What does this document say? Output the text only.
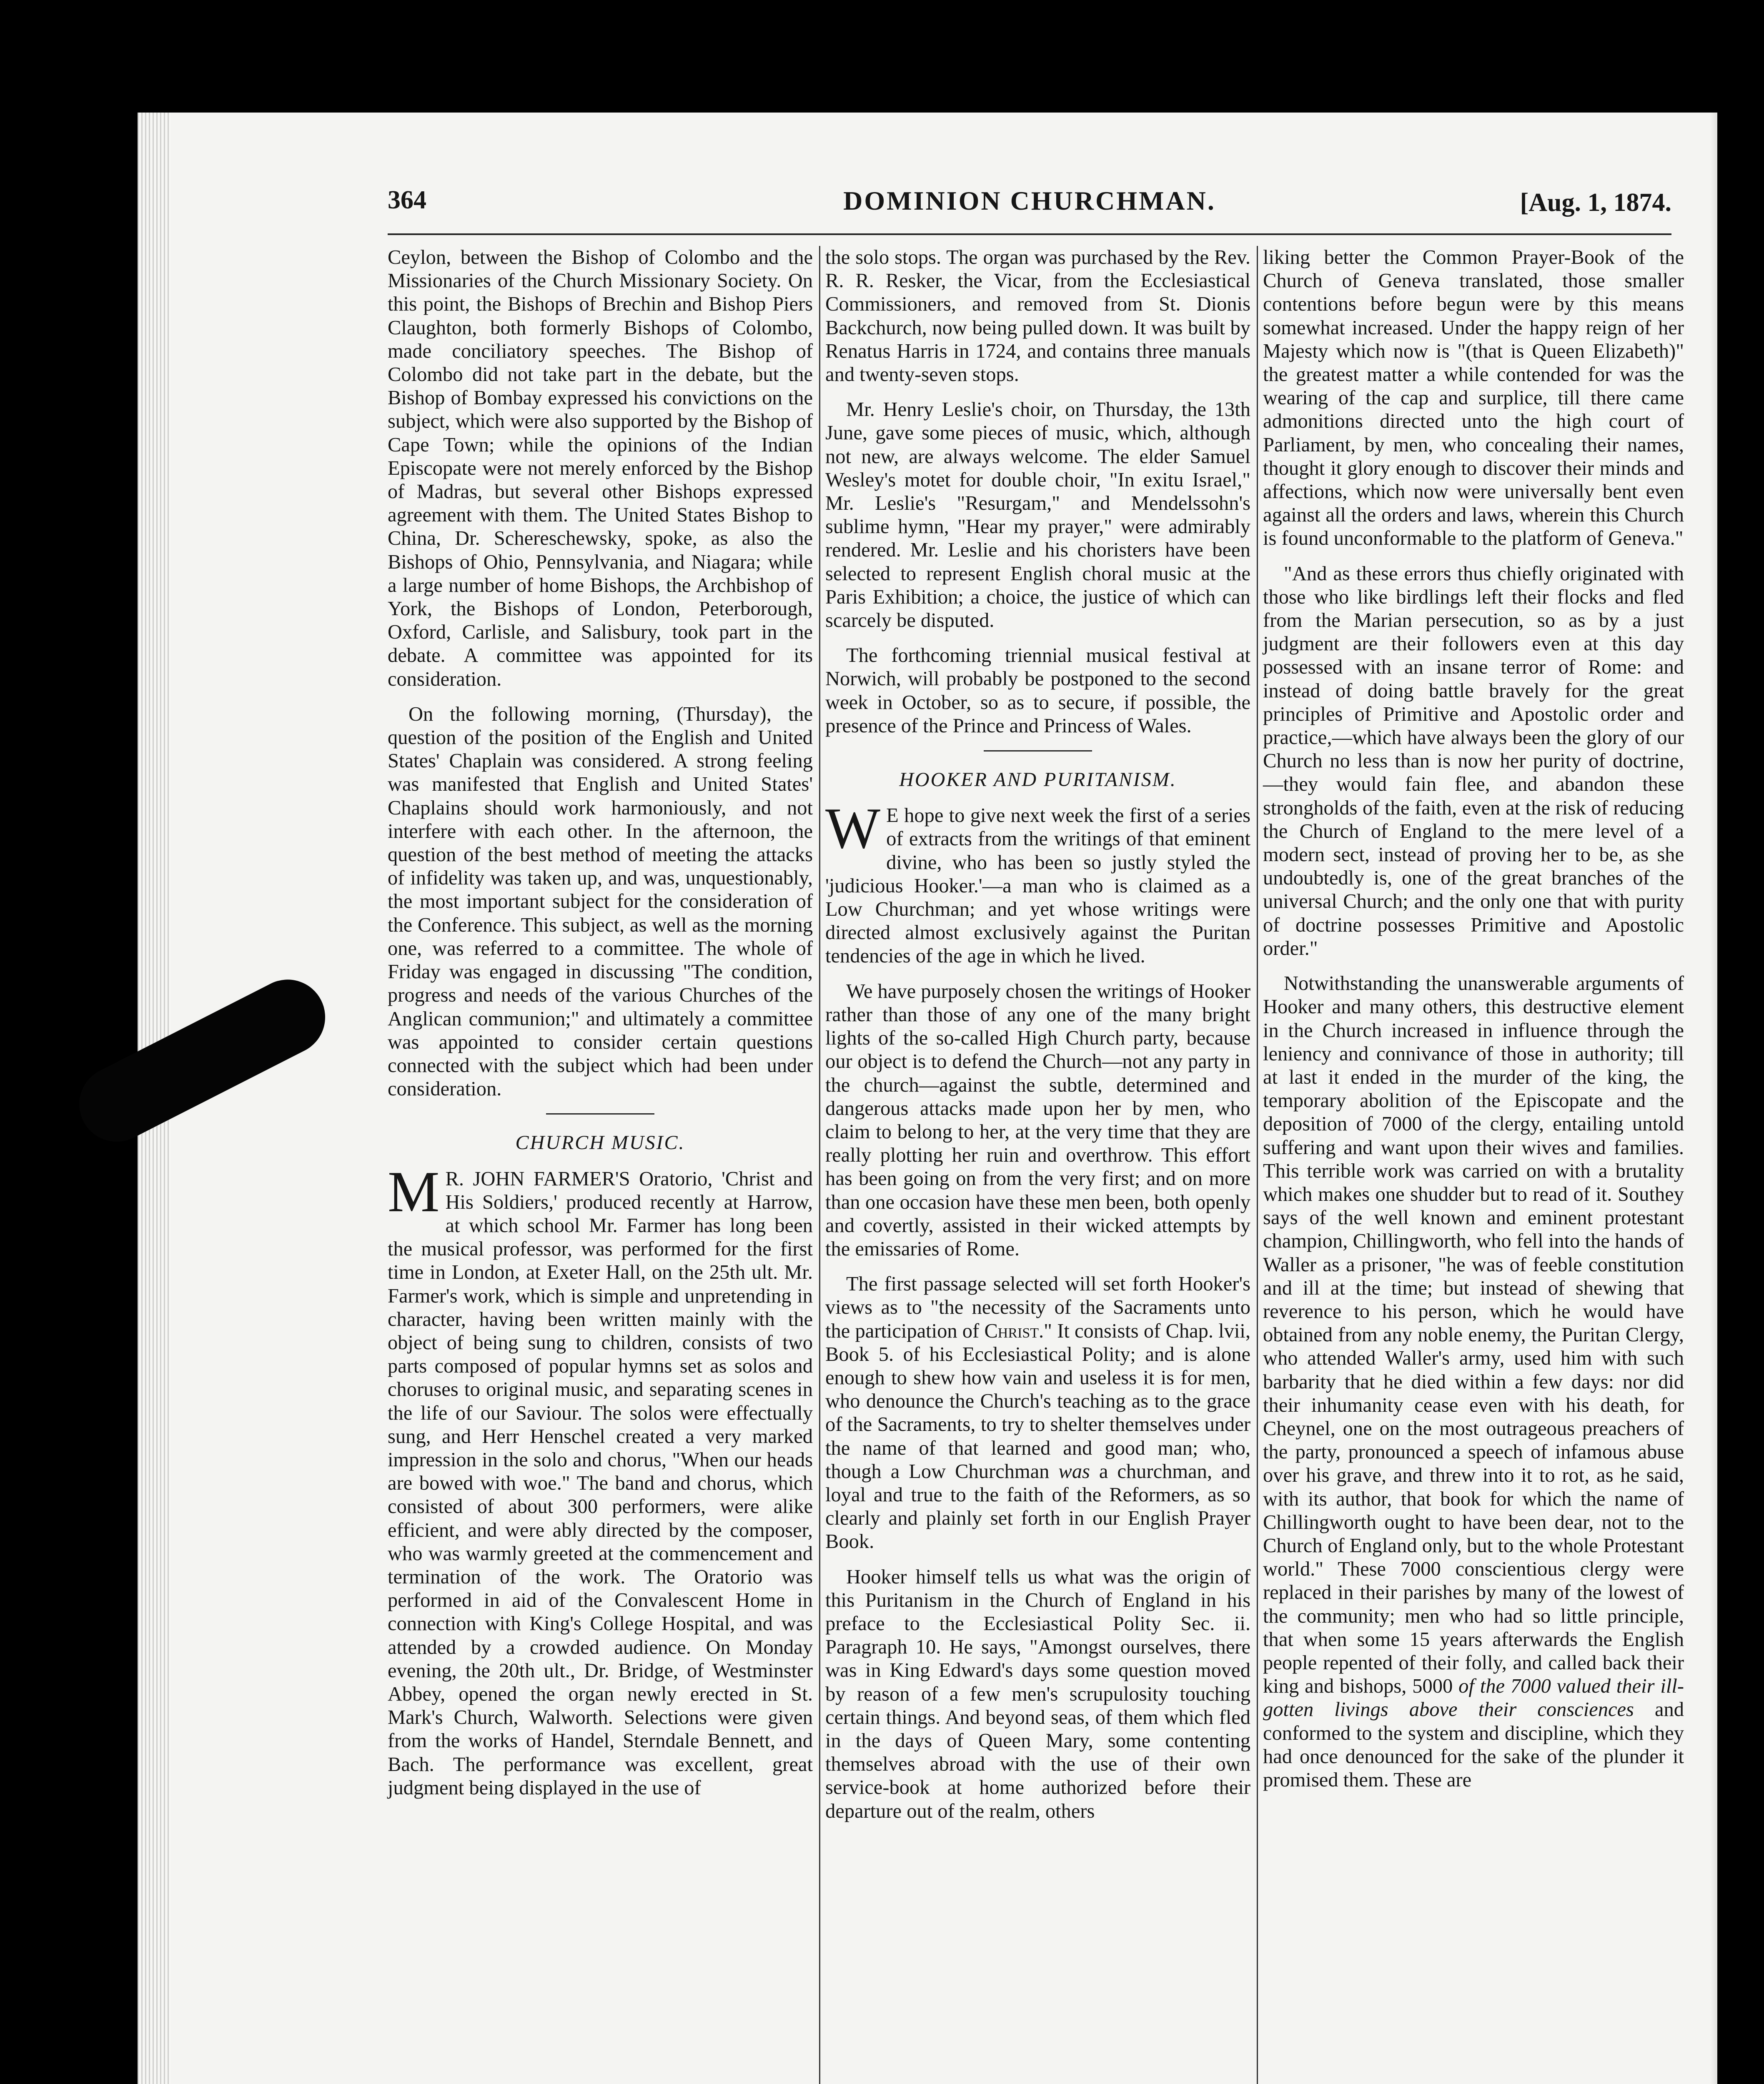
364	DOMINION CHURCHMAN.	[Aug. 1, 1874.

Ceylon, between the Bishop of Colombo and the Missionaries of the Church Missionary Society. On this point, the Bishops of Brechin and Bishop Piers Claughton, both formerly Bishops of Colombo, made conciliatory speeches. The Bishop of Colombo did not take part in the debate, but the Bishop of Bombay expressed his convictions on the subject, which were also supported by the Bishop of Cape Town; while the opinions of the Indian Episcopate were not merely enforced by the Bishop of Madras, but several other Bishops expressed agreement with them. The United States Bishop to China, Dr. Schereschewsky, spoke, as also the Bishops of Ohio, Pennsylvania, and Niagara; while a large number of home Bishops, the Archbishop of York, the Bishops of London, Peterborough, Oxford, Carlisle, and Salisbury, took part in the debate. A committee was appointed for its consideration.

On the following morning, (Thursday), the question of the position of the English and United States' Chaplain was considered. A strong feeling was manifested that English and United States' Chaplains should work harmoniously, and not interfere with each other. In the afternoon, the question of the best method of meeting the attacks of infidelity was taken up, and was, unquestionably, the most important subject for the consideration of the Conference. This subject, as well as the morning one, was referred to a committee. The whole of Friday was engaged in discussing "The condition, progress and needs of the various Churches of the Anglican communion;" and ultimately a committee was appointed to consider certain questions connected with the subject which had been under consideration.

CHURCH MUSIC.

M R. JOHN FARMER'S Oratorio, 'Christ and His Soldiers,' produced recently at Harrow, at which school Mr. Farmer has long been the musical professor, was performed for the first time in London, at Exeter Hall, on the 25th ult. Mr. Farmer's work, which is simple and unpretending in character, having been written mainly with the object of being sung to children, consists of two parts composed of popular hymns set as solos and choruses to original music, and separating scenes in the life of our Saviour. The solos were effectually sung, and Herr Henschel created a very marked impression in the solo and chorus, "When our heads are bowed with woe." The band and chorus, which consisted of about 300 performers, were alike efficient, and were ably directed by the composer, who was warmly greeted at the commencement and termination of the work. The Oratorio was performed in aid of the Convalescent Home in connection with King's College Hospital, and was attended by a crowded audience. On Monday evening, the 20th ult., Dr. Bridge, of Westminster Abbey, opened the organ newly erected in St. Mark's Church, Walworth. Selections were given from the works of Handel, Sterndale Bennett, and Bach. The performance was excellent, great judgment being displayed in the use of

the solo stops. The organ was purchased by the Rev. R. R. Resker, the Vicar, from the Ecclesiastical Commissioners, and removed from St. Dionis Backchurch, now being pulled down. It was built by Renatus Harris in 1724, and contains three manuals and twenty-seven stops.

Mr. Henry Leslie's choir, on Thursday, the 13th June, gave some pieces of music, which, although not new, are always welcome. The elder Samuel Wesley's motet for double choir, "In exitu Israel," Mr. Leslie's "Resurgam," and Mendelssohn's sublime hymn, "Hear my prayer," were admirably rendered. Mr. Leslie and his choristers have been selected to represent English choral music at the Paris Exhibition; a choice, the justice of which can scarcely be disputed.

The forthcoming triennial musical festival at Norwich, will probably be postponed to the second week in October, so as to secure, if possible, the presence of the Prince and Princess of Wales.

HOOKER AND PURITANISM.

W E hope to give next week the first of a series of extracts from the writings of that eminent divine, who has been so justly styled the 'judicious Hooker.'—a man who is claimed as a Low Churchman; and yet whose writings were directed almost exclusively against the Puritan tendencies of the age in which he lived.

We have purposely chosen the writings of Hooker rather than those of any one of the many bright lights of the so-called High Church party, because our object is to defend the Church—not any party in the church—against the subtle, determined and dangerous attacks made upon her by men, who claim to belong to her, at the very time that they are really plotting her ruin and overthrow. This effort has been going on from the very first; and on more than one occasion have these men been, both openly and covertly, assisted in their wicked attempts by the emissaries of Rome.

The first passage selected will set forth Hooker's views as to "the necessity of the Sacraments unto the participation of Christ." It consists of Chap. lvii, Book 5. of his Ecclesiastical Polity; and is alone enough to shew how vain and useless it is for men, who denounce the Church's teaching as to the grace of the Sacraments, to try to shelter themselves under the name of that learned and good man; who, though a Low Churchman was a churchman, and loyal and true to the faith of the Reformers, as so clearly and plainly set forth in our English Prayer Book.

Hooker himself tells us what was the origin of this Puritanism in the Church of England in his preface to the Ecclesiastical Polity Sec. ii. Paragraph 10. He says, "Amongst ourselves, there was in King Edward's days some question moved by reason of a few men's scrupulosity touching certain things. And beyond seas, of them which fled in the days of Queen Mary, some contenting themselves abroad with the use of their own service-book at home authorized before their departure out of the realm, others

liking better the Common Prayer-Book of the Church of Geneva translated, those smaller contentions before begun were by this means somewhat increased. Under the happy reign of her Majesty which now is "(that is Queen Elizabeth)" the greatest matter a while contended for was the wearing of the cap and surplice, till there came admonitions directed unto the high court of Parliament, by men, who concealing their names, thought it glory enough to discover their minds and affections, which now were universally bent even against all the orders and laws, wherein this Church is found unconformable to the platform of Geneva."

"And as these errors thus chiefly originated with those who like birdlings left their flocks and fled from the Marian persecution, so as by a just judgment are their followers even at this day possessed with an insane terror of Rome: and instead of doing battle bravely for the great principles of Primitive and Apostolic order and practice,—which have always been the glory of our Church no less than is now her purity of doctrine,—they would fain flee, and abandon these strongholds of the faith, even at the risk of reducing the Church of England to the mere level of a modern sect, instead of proving her to be, as she undoubtedly is, one of the great branches of the universal Church; and the only one that with purity of doctrine possesses Primitive and Apostolic order."

Notwithstanding the unanswerable arguments of Hooker and many others, this destructive element in the Church increased in influence through the leniency and connivance of those in authority; till at last it ended in the murder of the king, the temporary abolition of the Episcopate and the deposition of 7000 of the clergy, entailing untold suffering and want upon their wives and families. This terrible work was carried on with a brutality which makes one shudder but to read of it. Southey says of the well known and eminent protestant champion, Chillingworth, who fell into the hands of Waller as a prisoner, "he was of feeble constitution and ill at the time; but instead of shewing that reverence to his person, which he would have obtained from any noble enemy, the Puritan Clergy, who attended Waller's army, used him with such barbarity that he died within a few days: nor did their inhumanity cease even with his death, for Cheynel, one on the most outrageous preachers of the party, pronounced a speech of infamous abuse over his grave, and threw into it to rot, as he said, with its author, that book for which the name of Chillingworth ought to have been dear, not to the Church of England only, but to the whole Protestant world." These 7000 conscientious clergy were replaced in their parishes by many of the lowest of the community; men who had so little principle, that when some 15 years afterwards the English people repented of their folly, and called back their king and bishops, 5000 of the 7000 valued their ill-gotten livings above their consciences and conformed to the system and discipline, which they had once denounced for the sake of the plunder it promised them. These are
